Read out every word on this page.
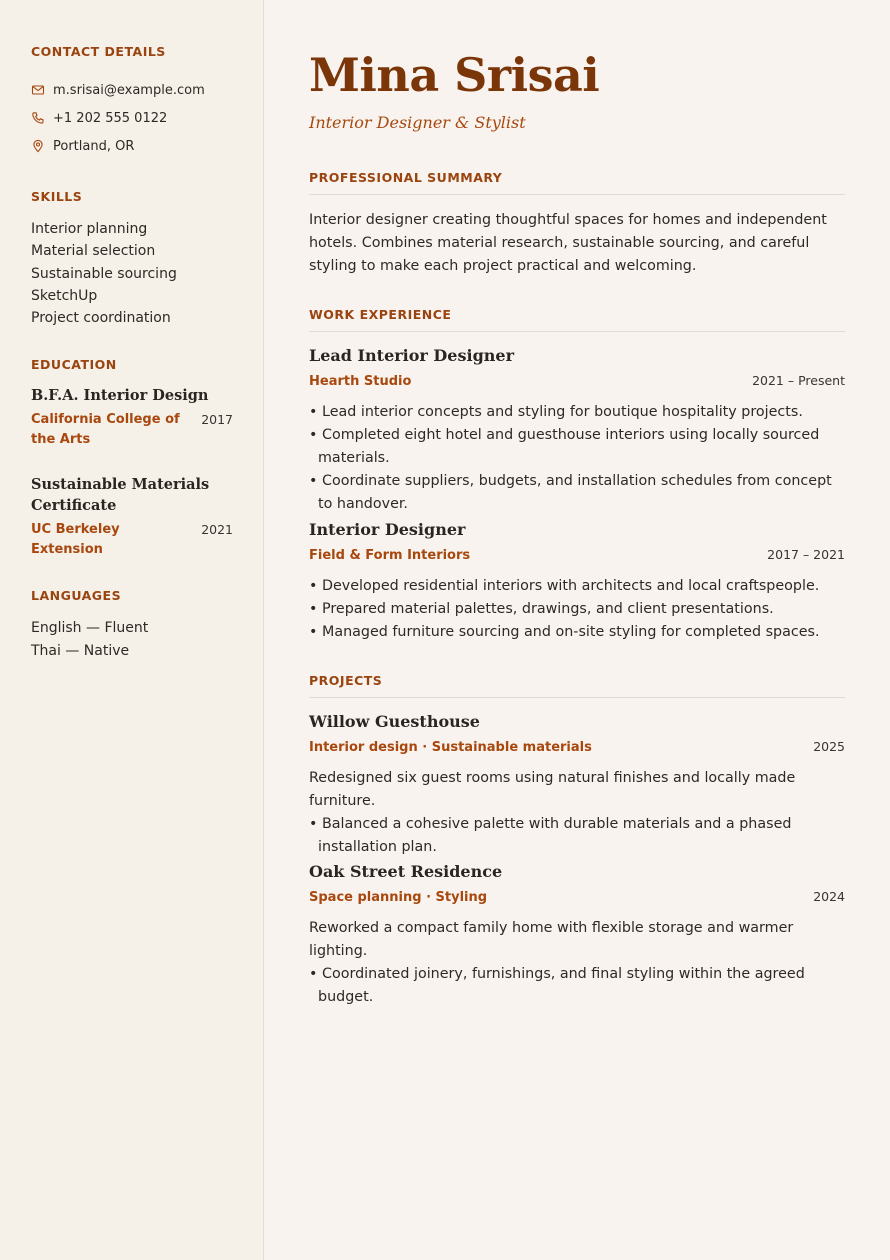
CONTACT DETAILS
m.srisai@example.com
+1 202 555 0122
Portland, OR
SKILLS
Interior planning
Material selection
Sustainable sourcing
SketchUp
Project coordination
EDUCATION
B.F.A. Interior Design
California College of the Arts
2017
Sustainable Materials Certificate
UC Berkeley Extension
2021
LANGUAGES
English — Fluent
Thai — Native
Mina Srisai
Interior Designer & Stylist
PROFESSIONAL SUMMARY
Interior designer creating thoughtful spaces for homes and independent hotels. Combines material research, sustainable sourcing, and careful styling to make each project practical and welcoming.
WORK EXPERIENCE
Lead Interior Designer
Hearth Studio	2021 – Present
• Lead interior concepts and styling for boutique hospitality projects.
• Completed eight hotel and guesthouse interiors using locally sourced materials.
• Coordinate suppliers, budgets, and installation schedules from concept to handover.
Interior Designer
Field & Form Interiors	2017 – 2021
• Developed residential interiors with architects and local craftspeople.
• Prepared material palettes, drawings, and client presentations.
• Managed furniture sourcing and on-site styling for completed spaces.
PROJECTS
Willow Guesthouse
Interior design · Sustainable materials	2025
Redesigned six guest rooms using natural finishes and locally made furniture.
• Balanced a cohesive palette with durable materials and a phased installation plan.
Oak Street Residence
Space planning · Styling	2024
Reworked a compact family home with flexible storage and warmer lighting.
• Coordinated joinery, furnishings, and final styling within the agreed budget.
